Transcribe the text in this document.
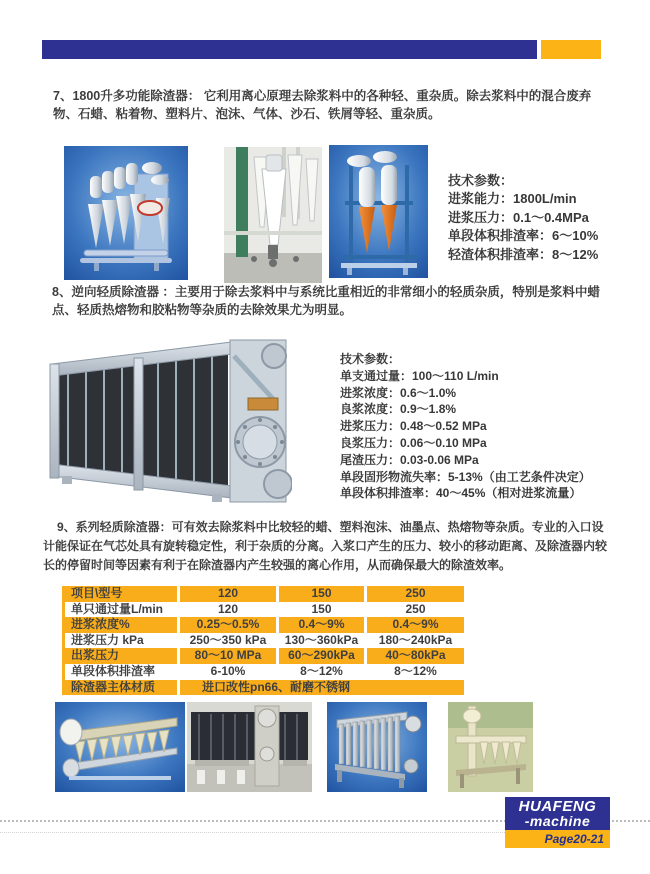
7、1800升多功能除渣器： 它利用离心原理去除浆料中的各种轻、重杂质。除去浆料中的混合废弃物、石蜡、粘着物、塑料片、泡沫、气体、沙石、铁屑等轻、重杂质。

技术参数：
进浆能力：1800L/min
进浆压力：0.1～0.4MPa
单段体积排渣率：6～10%
轻渣体积排渣率：8～12%

8、逆向轻质除渣器 ：主要用于除去浆料中与系统比重相近的非常细小的轻质杂质，特别是浆料中蜡点、轻质热熔物和胶粘物等杂质的去除效果尤为明显。

技术参数：
单支通过量：100～110 L/min
进浆浓度：0.6～1.0%
良浆浓度：0.9～1.8%
进浆压力：0.48～0.52 MPa
良浆压力：0.06～0.10 MPa
尾渣压力：0.03-0.06 MPa
单段固形物流失率：5-13%（由工艺条件决定）
单段体积排渣率：40～45%（相对进浆流量）

9、系列轻质除渣器：可有效去除浆料中比较轻的蜡、塑料泡沫、油墨点、热熔物等杂质。专业的入口设计能保证在气芯处具有旋转稳定性，利于杂质的分离。入浆口产生的压力、较小的移动距离、及除渣器内较长的停留时间等因素有利于在除渣器内产生较强的离心作用，从而确保最大的除渣效率。

项目\型号	120	150	250
单只通过量L/min	120	150	250
进浆浓度%	0.25～0.5%	0.4～9%	0.4～9%
进浆压力 kPa	250～350 kPa	130～360kPa	180～240kPa
出浆压力	80～10 MPa	60～290kPa	40～80kPa
单段体积排渣率	6-10%	8～12%	8～12%
除渣器主体材质	进口改性pn66、耐磨不锈钢		
HUAFENG
-machine
Page20-21
